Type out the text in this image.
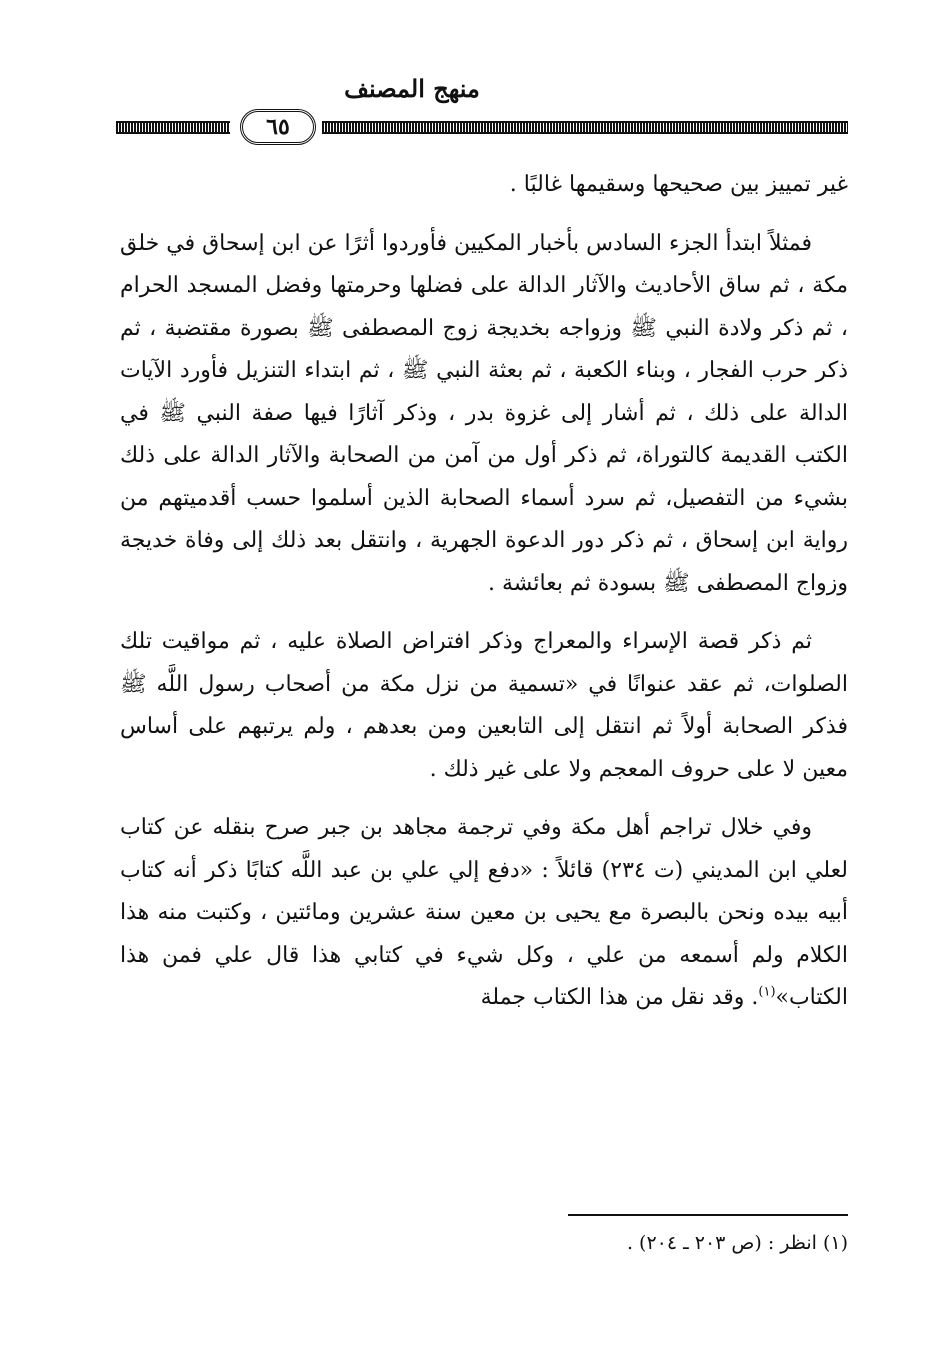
منهج المصنف
٦٥

غير تمييز بين صحيحها وسقيمها غالبًا .

فمثلاً ابتدأ الجزء السادس بأخبار المكيين فأوردوا أثرًا عن ابن إسحاق في خلق مكة ، ثم ساق الأحاديث والآثار الدالة على فضلها وحرمتها وفضل المسجد الحرام ، ثم ذكر ولادة النبي ﷺ وزواجه بخديجة زوج المصطفى ﷺ بصورة مقتضبة ، ثم ذكر حرب الفجار ، وبناء الكعبة ، ثم بعثة النبي ﷺ ، ثم ابتداء التنزيل فأورد الآيات الدالة على ذلك ، ثم أشار إلى غزوة بدر ، وذكر آثارًا فيها صفة النبي ﷺ في الكتب القديمة كالتوراة، ثم ذكر أول من آمن من الصحابة والآثار الدالة على ذلك بشيء من التفصيل، ثم سرد أسماء الصحابة الذين أسلموا حسب أقدميتهم من رواية ابن إسحاق ، ثم ذكر دور الدعوة الجهرية ، وانتقل بعد ذلك إلى وفاة خديجة وزواج المصطفى ﷺ بسودة ثم بعائشة .

ثم ذكر قصة الإسراء والمعراج وذكر افتراض الصلاة عليه ، ثم مواقيت تلك الصلوات، ثم عقد عنوانًا في «تسمية من نزل مكة من أصحاب رسول اللَّه ﷺ فذكر الصحابة أولاً ثم انتقل إلى التابعين ومن بعدهم ، ولم يرتبهم على أساس معين لا على حروف المعجم ولا على غير ذلك .

وفي خلال تراجم أهل مكة وفي ترجمة مجاهد بن جبر صرح بنقله عن كتاب لعلي ابن المديني (ت ٢٣٤) قائلاً : «دفع إلي علي بن عبد اللَّه كتابًا ذكر أنه كتاب أبيه بيده ونحن بالبصرة مع يحيى بن معين سنة عشرين ومائتين ، وكتبت منه هذا الكلام ولم أسمعه من علي ، وكل شيء في كتابي هذا قال علي فمن هذا الكتاب»$^{(١)}$. وقد نقل من هذا الكتاب جملة

(١) انظر : (ص ٢٠٣ ـ ٢٠٤) .
